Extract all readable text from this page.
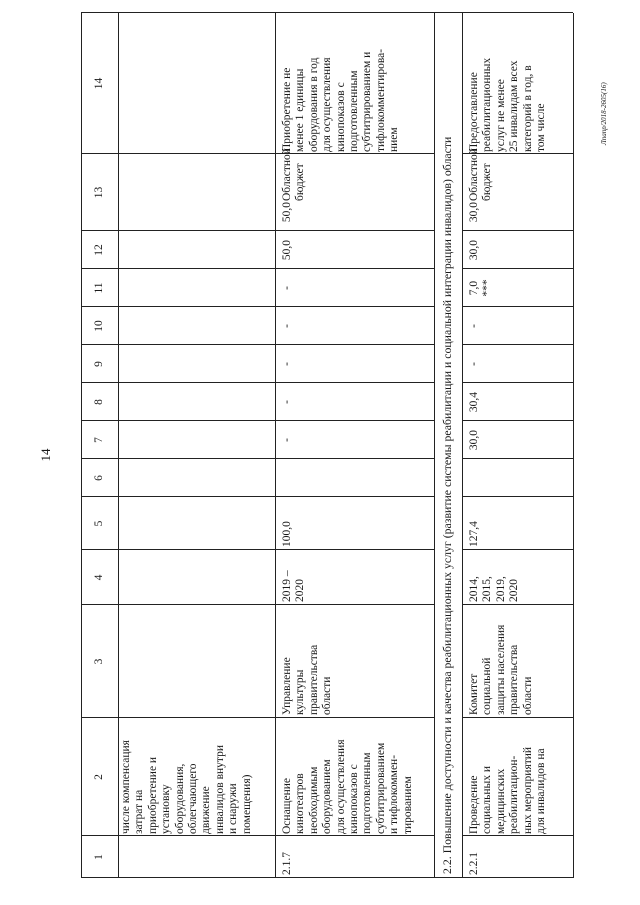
1
2
3
4
5
6
7
8
9
10
11
12
13
14
числе компенсация
затрат на
приобретение и
установку
оборудования,
облегчающего
движение
инвалидов внутри
и снаружи
помещения)
2.1.7
Оснащение
кинотеатров
необходимым
оборудованием
для осуществления
кинопоказов с
подготовленным
субтитрированием
и тифлокоммен-
тированием
Управление
культуры
правительства
области
2019 –
2020
100,0
-
-
-
-
-
50,0
50,0
Областной
бюджет
Приобретение не
менее 1 единицы
оборудования в год
для осуществления
кинопоказов с
подготовленным
субтитрированием и
тифлокомментирова-
нием	2.2. Повышение доступности и качества реабилитационных услуг (развитие системы реабилитации и социальной интеграции инвалидов) области 2.2.1
Проведение
социальных и
медицинских
реабилитацион-
ных мероприятий
для инвалидов на
Комитет
социальной
защиты населения
правительства
области
2014,
2015,
2019,
2020
127,4
30,0
30,4
-
-
7,0
***
30,0
30,0
Областной
бюджет
Предоставление
реабилитационных
услуг не менее
25 инвалидам всех
категорий в год, в
том числе
14
Лпапр/2018-2605(16)
